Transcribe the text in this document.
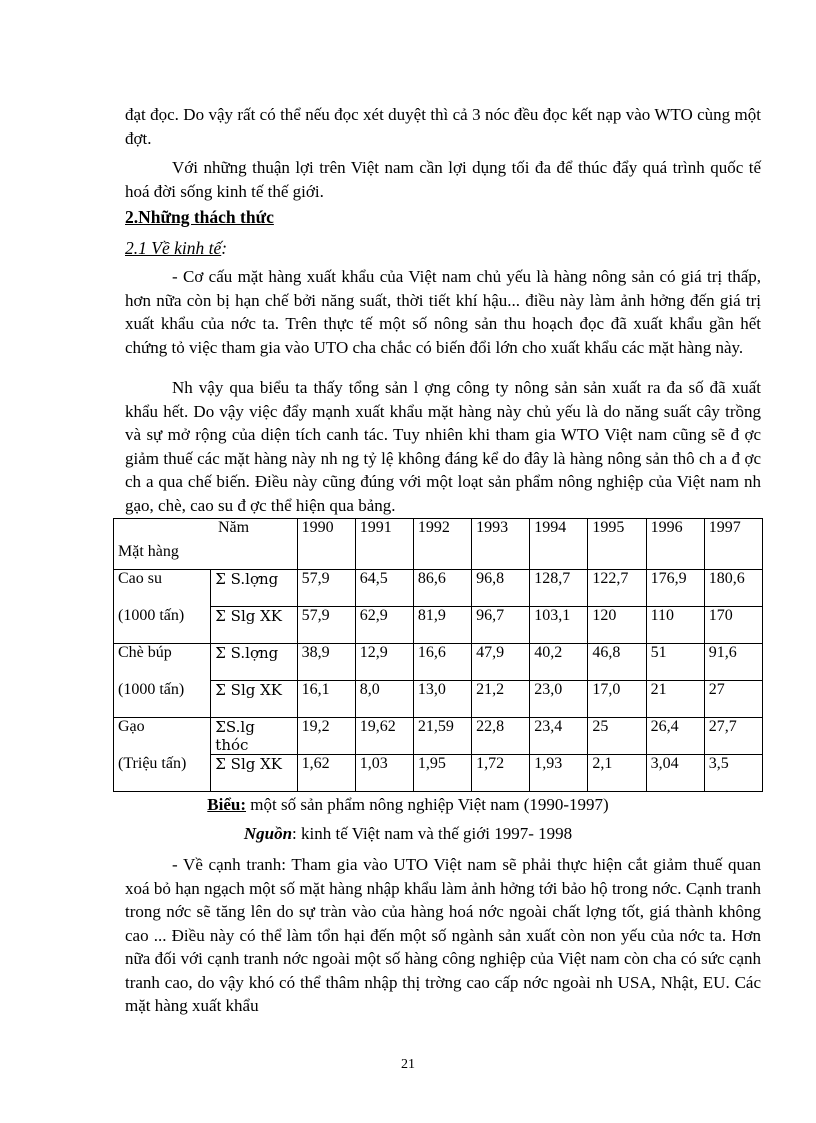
đạt đọc. Do vậy rất có thể nếu đọc xét duyệt thì cả 3 nóc đều đọc kết nạp vào WTO cùng một đợt.

Với những thuận lợi trên Việt nam cần lợi dụng tối đa để thúc đẩy quá trình quốc tế hoá đời sống kinh tế thế giới.

2.Những thách thức
2.1 Về kinh tế:

- Cơ cấu mặt hàng xuất khẩu của Việt nam chủ yếu là hàng nông sản có giá trị thấp, hơn nữa còn bị hạn chế bởi năng suất, thời tiết khí hậu... điều này làm ảnh hởng đến giá trị xuất khẩu của nớc ta. Trên thực tế một số nông sản thu hoạch đọc đã xuất khẩu gần hết chứng tỏ việc tham gia vào UTO cha chắc có biến đổi lớn cho xuất khẩu các mặt hàng này.

Nh vậy qua biểu ta thấy tổng sản l ợng công ty nông sản sản xuất ra đa số đã xuất khẩu hết. Do vậy việc đẩy mạnh xuất khẩu mặt hàng này chủ yếu là do năng suất cây trồng và sự mở rộng của diện tích canh tác. Tuy nhiên khi tham gia WTO Việt nam cũng sẽ đ ợc giảm thuế các mặt hàng này nh ng tỷ lệ không đáng kể do đây là hàng nông sản thô ch a đ ợc ch a qua chế biến. Điều này cũng đúng với một loạt sản phẩm nông nghiệp của Việt nam nh gạo, chè, cao su đ ợc thể hiện qua bảng.

Năm
Mặt hàng		1990	1991	1992	1993	1994	1995	1996	1997
Cao su	Σ S.lợng	57,9	64,5	86,6	96,8	128,7	122,7	176,9	180,6
(1000 tấn)	Σ Slg XK	57,9	62,9	81,9	96,7	103,1	120	110	170
Chè búp	Σ S.lợng	38,9	12,9	16,6	47,9	40,2	46,8	51	91,6
(1000 tấn)	Σ Slg XK	16,1	8,0	13,0	21,2	23,0	17,0	21	27
Gạo	ΣS.lg thóc	19,2	19,62	21,59	22,8	23,4	25	26,4	27,7
(Triệu tấn)	Σ Slg XK	1,62	1,03	1,95	1,72	1,93	2,1	3,04	3,5
Biểu: một số sản phẩm nông nghiệp Việt nam (1990-1997)
Nguồn: kinh tế Việt nam và thế giới 1997- 1998

- Về cạnh tranh: Tham gia vào UTO Việt nam sẽ phải thực hiện cắt giảm thuế quan xoá bỏ hạn ngạch một số mặt hàng nhập khẩu làm ảnh hởng tới bảo hộ trong nớc. Cạnh tranh trong nớc sẽ tăng lên do sự tràn vào của hàng hoá nớc ngoài chất lợng tốt, giá thành không cao ... Điều này có thể làm tổn hại đến một số ngành sản xuất còn non yếu của nớc ta. Hơn nữa đối với cạnh tranh nớc ngoài một số hàng công nghiệp của Việt nam còn cha có sức cạnh tranh cao, do vậy khó có thể thâm nhập thị trờng cao cấp nớc ngoài nh USA, Nhật, EU. Các mặt hàng xuất khẩu

21
